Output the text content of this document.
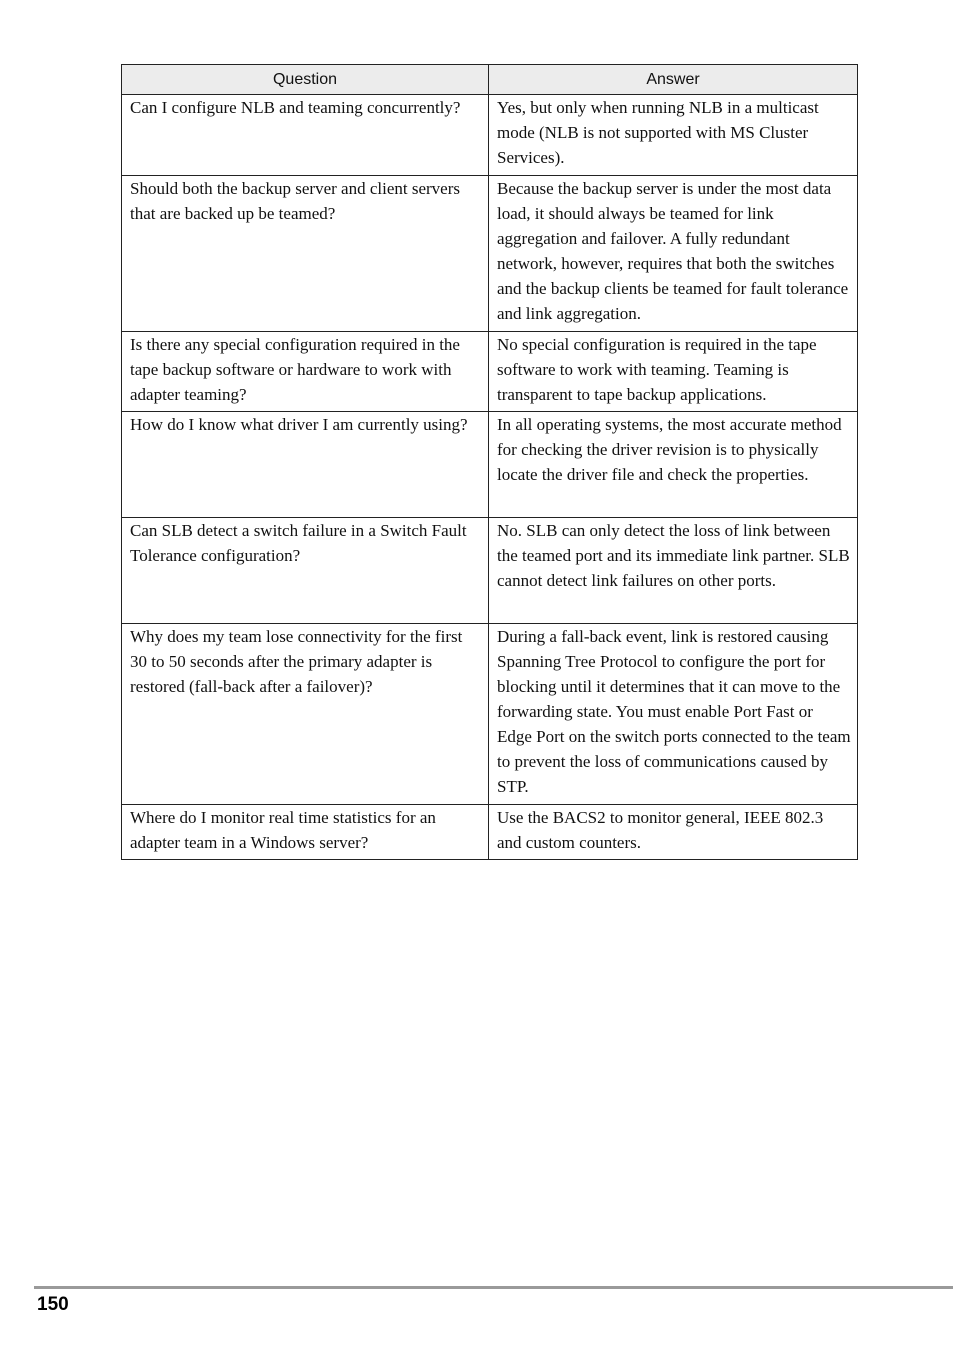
Question	Answer

Can I configure NLB and teaming concurrently?	Yes, but only when running NLB in a multicast mode (NLB is not supported with MS Cluster Services).

Should both the backup server and client servers that are backed up be teamed?	Because the backup server is under the most data load, it should always be teamed for link aggregation and failover. A fully redundant network, however, requires that both the switches and the backup clients be teamed for fault tolerance and link aggregation.

Is there any special configuration required in the tape backup software or hardware to work with adapter teaming?	No special configuration is required in the tape software to work with teaming. Teaming is transparent to tape backup applications.

How do I know what driver I am currently using?	In all operating systems, the most accurate method for checking the driver revision is to physically locate the driver file and check the properties.

Can SLB detect a switch failure in a Switch Fault Tolerance configuration?	No. SLB can only detect the loss of link between the teamed port and its immediate link partner. SLB cannot detect link failures on other ports.

Why does my team lose connectivity for the first 30 to 50 seconds after the primary adapter is restored (fall-back after a failover)?	During a fall-back event, link is restored causing Spanning Tree Protocol to configure the port for blocking until it determines that it can move to the forwarding state. You must enable Port Fast or Edge Port on the switch ports connected to the team to prevent the loss of communications caused by STP.

Where do I monitor real time statistics for an adapter team in a Windows server?	Use the BACS2 to monitor general, IEEE 802.3 and custom counters.
150
